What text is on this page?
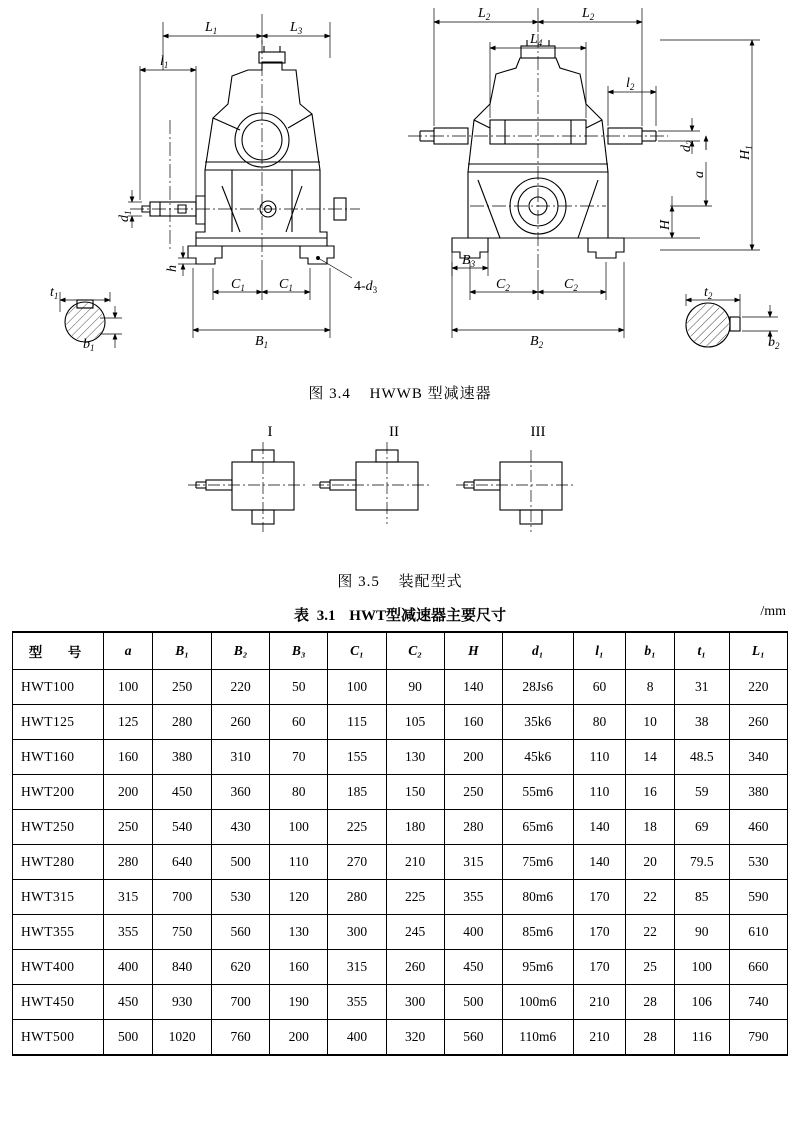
$L_1$	$L_3$
$l_1$
$d_1$
h
$C_1$ $C_1$
$B_1$
$t_1$
$b_1$
$4-d_3$
$L_2$	$L_2$
$L_4$
$l_2$
$d_2$
a
H
$H_1$
$B_3$
$C_2$	$C_2$
$B_2$
$t_2$
$b_2$
图 3.4 HWWB 型减速器
I	II	III
图 3.5 装配型式
表 3.1 HWT型减速器主要尺寸	/mm
型　号	a	B₁	B₂	B₃	C₁	C₂	H	d₁	l₁	b₁	t₁	L₁
HWT100	100	250	220	50	100	90	140	28Js6	60	8	31	220
HWT125	125	280	260	60	115	105	160	35k6	80	10	38	260
HWT160	160	380	310	70	155	130	200	45k6	110	14	48.5	340
HWT200	200	450	360	80	185	150	250	55m6	110	16	59	380
HWT250	250	540	430	100	225	180	280	65m6	140	18	69	460
HWT280	280	640	500	110	270	210	315	75m6	140	20	79.5	530
HWT315	315	700	530	120	280	225	355	80m6	170	22	85	590
HWT355	355	750	560	130	300	245	400	85m6	170	22	90	610
HWT400	400	840	620	160	315	260	450	95m6	170	25	100	660
HWT450	450	930	700	190	355	300	500	100m6	210	28	106	740
HWT500	500	1020	760	200	400	320	560	110m6	210	28	116	790
